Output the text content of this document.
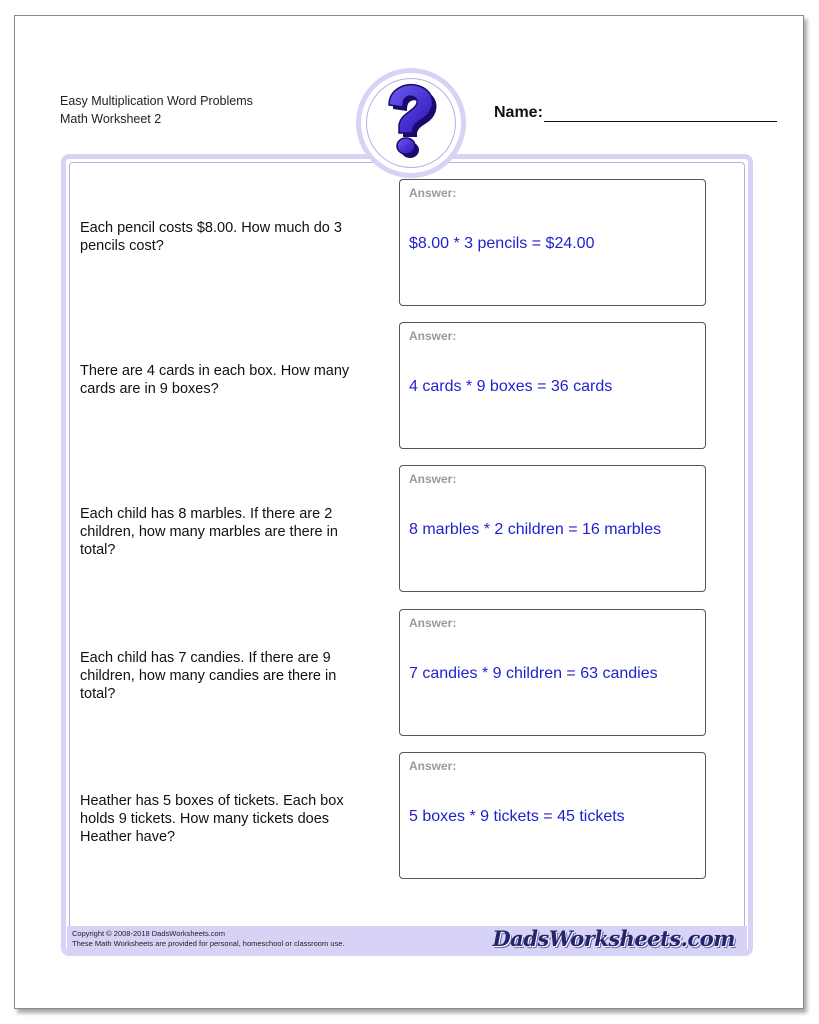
Easy Multiplication Word Problems
Math Worksheet 2	Name:
Each pencil costs $8.00. How much do 3 pencils cost?
Answer:
$8.00 * 3 pencils = $24.00
There are 4 cards in each box. How many cards are in 9 boxes?
Answer:
4 cards * 9 boxes = 36 cards
Each child has 8 marbles. If there are 2 children, how many marbles are there in total?
Answer:
8 marbles * 2 children = 16 marbles
Each child has 7 candies. If there are 9 children, how many candies are there in total?
Answer:
7 candies * 9 children = 63 candies
Heather has 5 boxes of tickets. Each box holds 9 tickets. How many tickets does Heather have?
Answer:
5 boxes * 9 tickets = 45 tickets
Copyright © 2008-2018 DadsWorksheets.com
These Math Worksheets are provided for personal, homeschool or classroom use.	DadsWorksheets.com
